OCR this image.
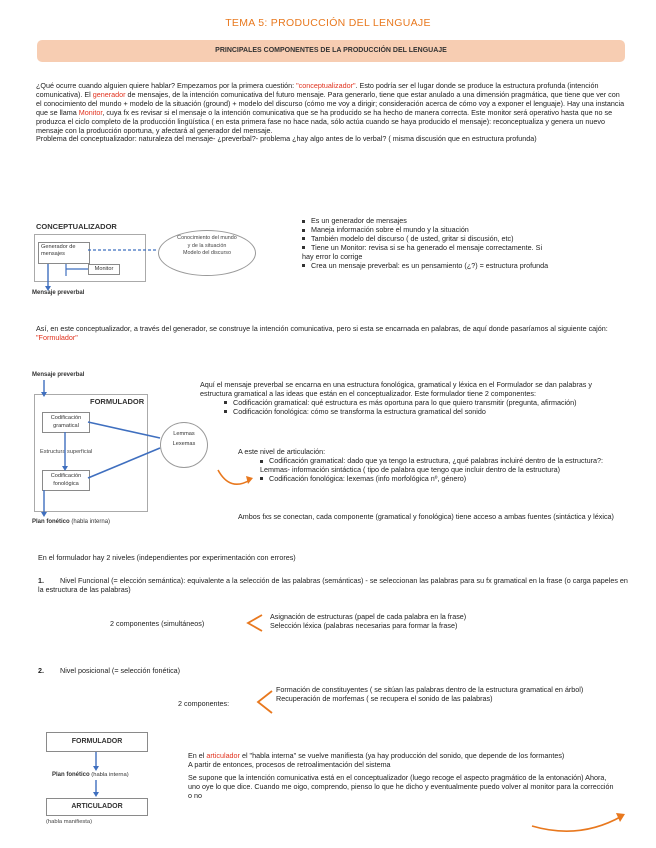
TEMA 5: PRODUCCIÓN DEL LENGUAJE
PRINCIPALES COMPONENTES DE LA PRODUCCIÓN DEL LENGUAJE
¿Qué ocurre cuando alguien quiere hablar? Empezamos por la primera cuestión: "conceptualizador". Esto podría ser el lugar donde se produce la estructura profunda (intención comunicativa). El generador de mensajes, de la intención comunicativa del futuro mensaje. Para generarlo, tiene que estar anulado a una dimensión pragmática, que tiene que ver con el conocimiento del mundo + modelo de la situación (ground) + modelo del discurso (cómo me voy a dirigir; consideración acerca de cómo voy a exponer el lenguaje). Hay una instancia que se llama Monitor, cuya fx es revisar si el mensaje o la intención comunicativa que se ha producido se ha hecho de manera correcta. Este monitor será operativo hasta que no se produzca el ciclo completo de la producción lingüística ( en esta primera fase no hace nada, sólo actúa cuando se haya producido el mensaje): reconceptualiza y genera un nuevo mensaje con la producción oportuna, y afectará al generador del mensaje.
Problema del conceptualizador: naturaleza del mensaje- ¿preverbal?- problema ¿hay algo antes de lo verbal? ( misma discusión que en estructura profunda)
CONCEPTUALIZADOR
Generador de mensajes
Monitor
Conocimiento del mundo
y de la situación
Modelo del discurso
Mensaje preverbal
Es un generador de mensajes
Maneja información sobre el mundo y la situación
También modelo del discurso ( de usted, gritar si discusión, etc)
Tiene un Monitor: revisa si se ha generado el mensaje correctamente. Si hay error lo corrige
Crea un mensaje preverbal: es un pensamiento (¿?) = estructura profunda
Así, en este conceptualizador, a través del generador, se construye la intención comunicativa, pero si esta se encarnada en palabras, de aquí donde pasaríamos al siguiente cajón: "Formulador"
Mensaje preverbal
FORMULADOR
Codificación
gramatical
Estructura superficial
Codificación
fonológica
Lemmas
Lexemas
Plan fonético (habla interna)
Aquí el mensaje preverbal se encarna en una estructura fonológica, gramatical y léxica en el Formulador se dan palabras y estructura gramatical a las ideas que están en el conceptualizador. Este formulador tiene 2 componentes:
Codificación gramatical: qué estructura es más oportuna para lo que quiero transmitir (pregunta, afirmación)
Codificación fonológica: cómo se transforma la estructura gramatical del sonido
A este nivel de articulación:
Codificación gramatical: dado que ya tengo la estructura, ¿qué palabras incluiré dentro de la estructura?: Lemmas- información sintáctica ( tipo de palabra que tengo que incluir dentro de la estructura)
Codificación fonológica: lexemas (info morfológica nº, género)
Ambos fxs se conectan, cada componente (gramatical y fonológica) tiene acceso a ambas fuentes (sintáctica y léxica)
En el formulador hay 2 niveles (independientes por experimentación con errores)
1. Nivel Funcional (= elección semántica): equivalente a la selección de las palabras (semánticas) - se seleccionan las palabras para su fx gramatical en la frase (o carga papeles en la estructura de las palabras)
2 componentes (simultáneos)
Asignación de estructuras (papel de cada palabra en la frase)
Selección léxica (palabras necesarias para formar la frase)
2. Nivel posicional (= selección fonética)
2 componentes:
Formación de constituyentes ( se sitúan las palabras dentro de la estructura gramatical en árbol)
Recuperación de morfemas ( se recupera el sonido de las palabras)
FORMULADOR
Plan fonético (habla interna)
ARTICULADOR
(habla manifiesta)
En el articulador el "habla interna" se vuelve manifiesta (ya hay producción del sonido, que depende de los formantes)
A partir de entonces, procesos de retroalimentación del sistema
Se supone que la intención comunicativa está en el conceptualizador (luego recoge el aspecto pragmático de la entonación) Ahora, uno oye lo que dice. Cuando me oigo, comprendo, pienso lo que he dicho y eventualmente puedo volver al monitor para la corrección o no
